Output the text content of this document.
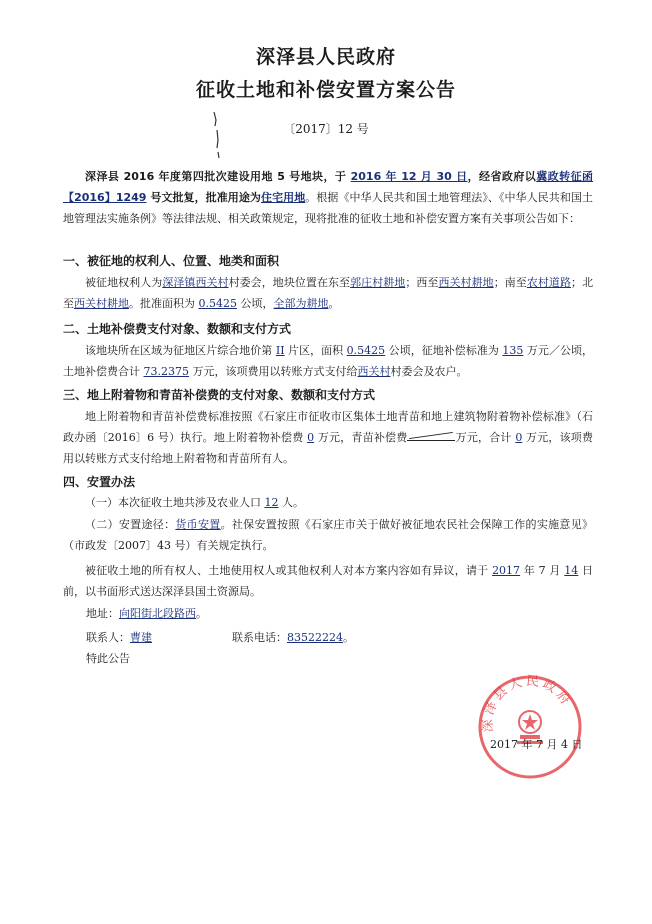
深泽县人民政府
征收土地和补偿安置方案公告
〔2017〕12 号
深泽县 2016 年度第四批次建设用地 5 号地块，于 2016 年 12 月 30 日，经省政府以冀政转征函【2016】1249 号文批复，批准用途为住宅用地。根据《中华人民共和国土地管理法》、《中华人民共和国土地管理法实施条例》等法律法规、相关政策规定，现将批准的征收土地和补偿安置方案有关事项公告如下：
一、被征地的权利人、位置、地类和面积
被征地权利人为深泽镇西关村村委会，地块位置在东至郭庄村耕地；西至西关村耕地；南至农村道路；北至西关村耕地。批准面积为 0.5425 公顷，全部为耕地。
二、土地补偿费支付对象、数额和支付方式
该地块所在区域为征地区片综合地价第 II 片区，面积 0.5425 公顷，征地补偿标准为 135 万元／公顷，土地补偿费合计 73.2375 万元，该项费用以转账方式支付给西关村村委会及农户。
三、地上附着物和青苗补偿费的支付对象、数额和支付方式
地上附着物和青苗补偿费标准按照《石家庄市征收市区集体土地青苗和地上建筑物附着物补偿标准》（石政办函〔2016〕6 号）执行。地上附着物补偿费 0 万元，青苗补偿费	万元，合计 0 万元，该项费用以转账方式支付给地上附着物和青苗所有人。
四、安置办法
（一）本次征收土地共涉及农业人口 12 人。
（二）安置途径：货币安置。社保安置按照《石家庄市关于做好被征地农民社会保障工作的实施意见》（市政发〔2007〕43 号）有关规定执行。
被征收土地的所有权人、土地使用权人或其他权利人对本方案内容如有异议，请于 2017 年 7 月 14 日前，以书面形式送达深泽县国土资源局。
地址：向阳街北段路西。
联系人：曹建	联系电话：83522224。
特此公告
深泽县人民政府
2017 年 7 月 4 日
